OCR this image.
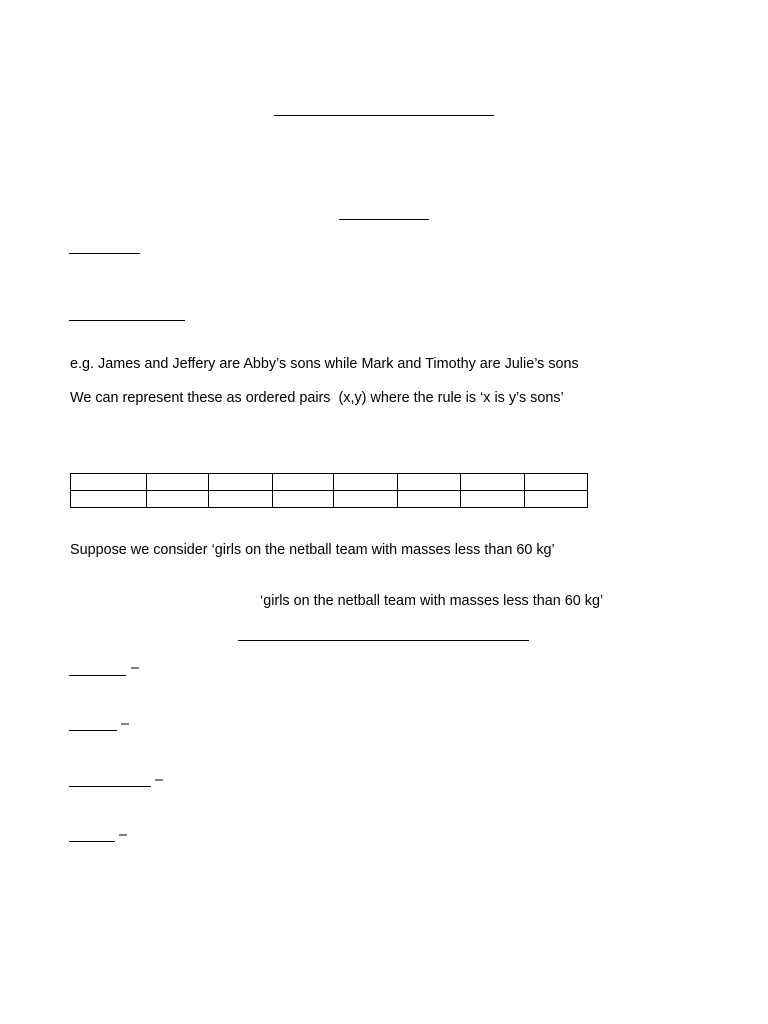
e.g. James and Jeffery are Abby’s sons while Mark and Timothy are Julie’s sons
We can represent these as ordered pairs  (x,y) where the rule is ‘x is y’s sons’

Suppose we consider ‘girls on the netball team with masses less than 60 kg’
‘girls on the netball team with masses less than 60 kg’
–
–
–
–
